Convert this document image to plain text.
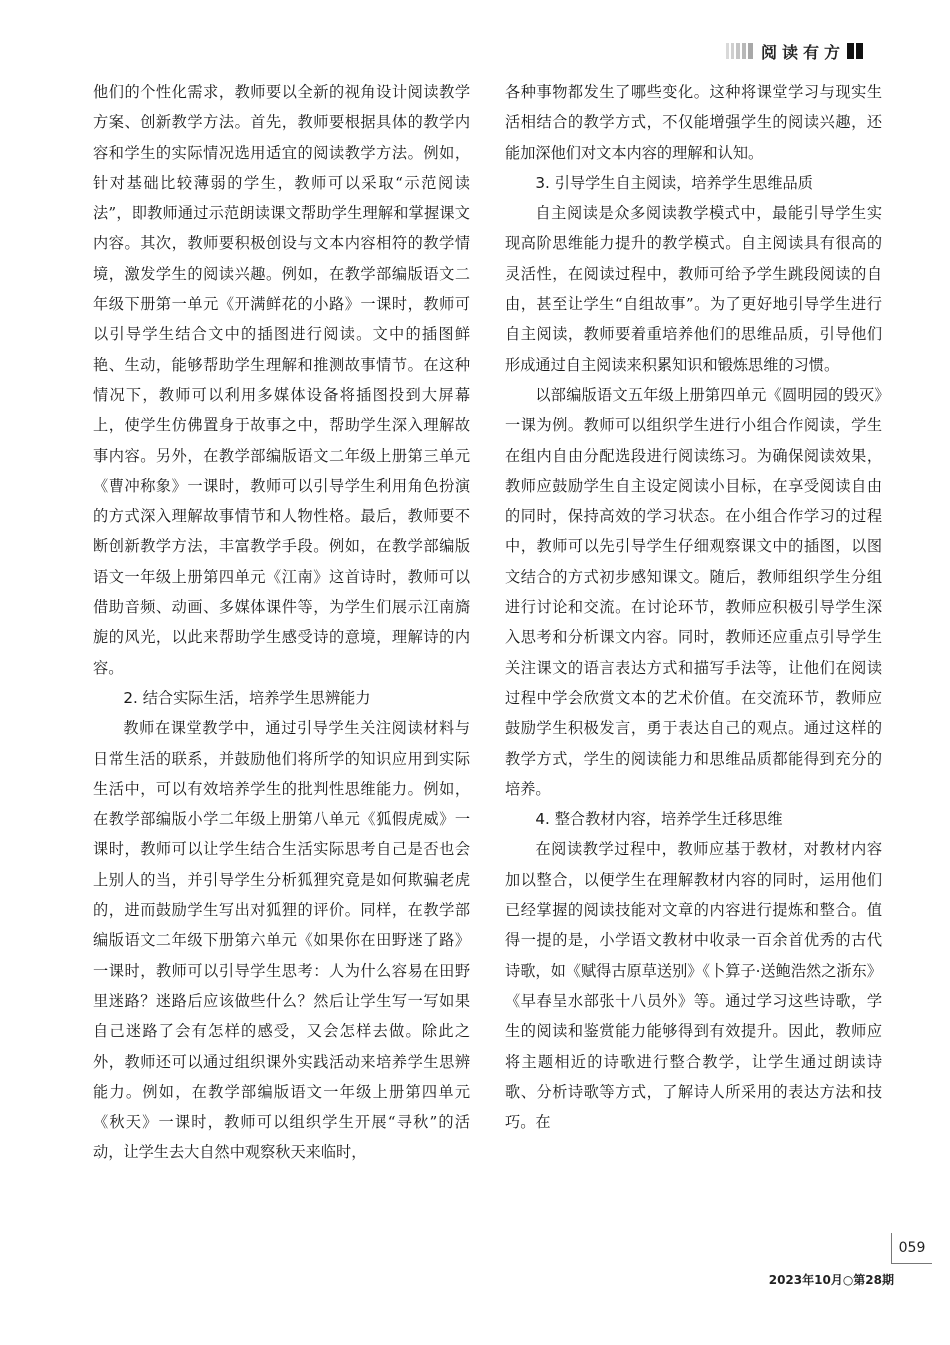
阅读有方

他们的个性化需求，教师要以全新的视角设计阅读教学方案、创新教学方法。首先，教师要根据具体的教学内容和学生的实际情况选用适宜的阅读教学方法。例如，针对基础比较薄弱的学生，教师可以采取“示范阅读法”，即教师通过示范朗读课文帮助学生理解和掌握课文内容。其次，教师要积极创设与文本内容相符的教学情境，激发学生的阅读兴趣。例如，在教学部编版语文二年级下册第一单元《开满鲜花的小路》一课时，教师可以引导学生结合文中的插图进行阅读。文中的插图鲜艳、生动，能够帮助学生理解和推测故事情节。在这种情况下，教师可以利用多媒体设备将插图投到大屏幕上，使学生仿佛置身于故事之中，帮助学生深入理解故事内容。另外，在教学部编版语文二年级上册第三单元《曹冲称象》一课时，教师可以引导学生利用角色扮演的方式深入理解故事情节和人物性格。最后，教师要不断创新教学方法，丰富教学手段。例如，在教学部编版语文一年级上册第四单元《江南》这首诗时，教师可以借助音频、动画、多媒体课件等，为学生们展示江南旖旎的风光，以此来帮助学生感受诗的意境，理解诗的内容。

2. 结合实际生活，培养学生思辨能力

教师在课堂教学中，通过引导学生关注阅读材料与日常生活的联系，并鼓励他们将所学的知识应用到实际生活中，可以有效培养学生的批判性思维能力。例如，在教学部编版小学二年级上册第八单元《狐假虎威》一课时，教师可以让学生结合生活实际思考自己是否也会上别人的当，并引导学生分析狐狸究竟是如何欺骗老虎的，进而鼓励学生写出对狐狸的评价。同样，在教学部编版语文二年级下册第六单元《如果你在田野迷了路》一课时，教师可以引导学生思考：人为什么容易在田野里迷路？迷路后应该做些什么？然后让学生写一写如果自己迷路了会有怎样的感受，又会怎样去做。除此之外，教师还可以通过组织课外实践活动来培养学生思辨能力。例如，在教学部编版语文一年级上册第四单元《秋天》一课时，教师可以组织学生开展“寻秋”的活动，让学生去大自然中观察秋天来临时，

各种事物都发生了哪些变化。这种将课堂学习与现实生活相结合的教学方式，不仅能增强学生的阅读兴趣，还能加深他们对文本内容的理解和认知。

3. 引导学生自主阅读，培养学生思维品质

自主阅读是众多阅读教学模式中，最能引导学生实现高阶思维能力提升的教学模式。自主阅读具有很高的灵活性，在阅读过程中，教师可给予学生跳段阅读的自由，甚至让学生“自组故事”。为了更好地引导学生进行自主阅读，教师要着重培养他们的思维品质，引导他们形成通过自主阅读来积累知识和锻炼思维的习惯。

以部编版语文五年级上册第四单元《圆明园的毁灭》一课为例。教师可以组织学生进行小组合作阅读，学生在组内自由分配选段进行阅读练习。为确保阅读效果，教师应鼓励学生自主设定阅读小目标，在享受阅读自由的同时，保持高效的学习状态。在小组合作学习的过程中，教师可以先引导学生仔细观察课文中的插图，以图文结合的方式初步感知课文。随后，教师组织学生分组进行讨论和交流。在讨论环节，教师应积极引导学生深入思考和分析课文内容。同时，教师还应重点引导学生关注课文的语言表达方式和描写手法等，让他们在阅读过程中学会欣赏文本的艺术价值。在交流环节，教师应鼓励学生积极发言，勇于表达自己的观点。通过这样的教学方式，学生的阅读能力和思维品质都能得到充分的培养。

4. 整合教材内容，培养学生迁移思维

在阅读教学过程中，教师应基于教材，对教材内容加以整合，以便学生在理解教材内容的同时，运用他们已经掌握的阅读技能对文章的内容进行提炼和整合。值得一提的是，小学语文教材中收录一百余首优秀的古代诗歌，如《赋得古原草送别》《卜算子·送鲍浩然之浙东》《早春呈水部张十八员外》等。通过学习这些诗歌，学生的阅读和鉴赏能力能够得到有效提升。因此，教师应将主题相近的诗歌进行整合教学，让学生通过朗读诗歌、分析诗歌等方式，了解诗人所采用的表达方法和技巧。在

059
2023年10月○第28期
